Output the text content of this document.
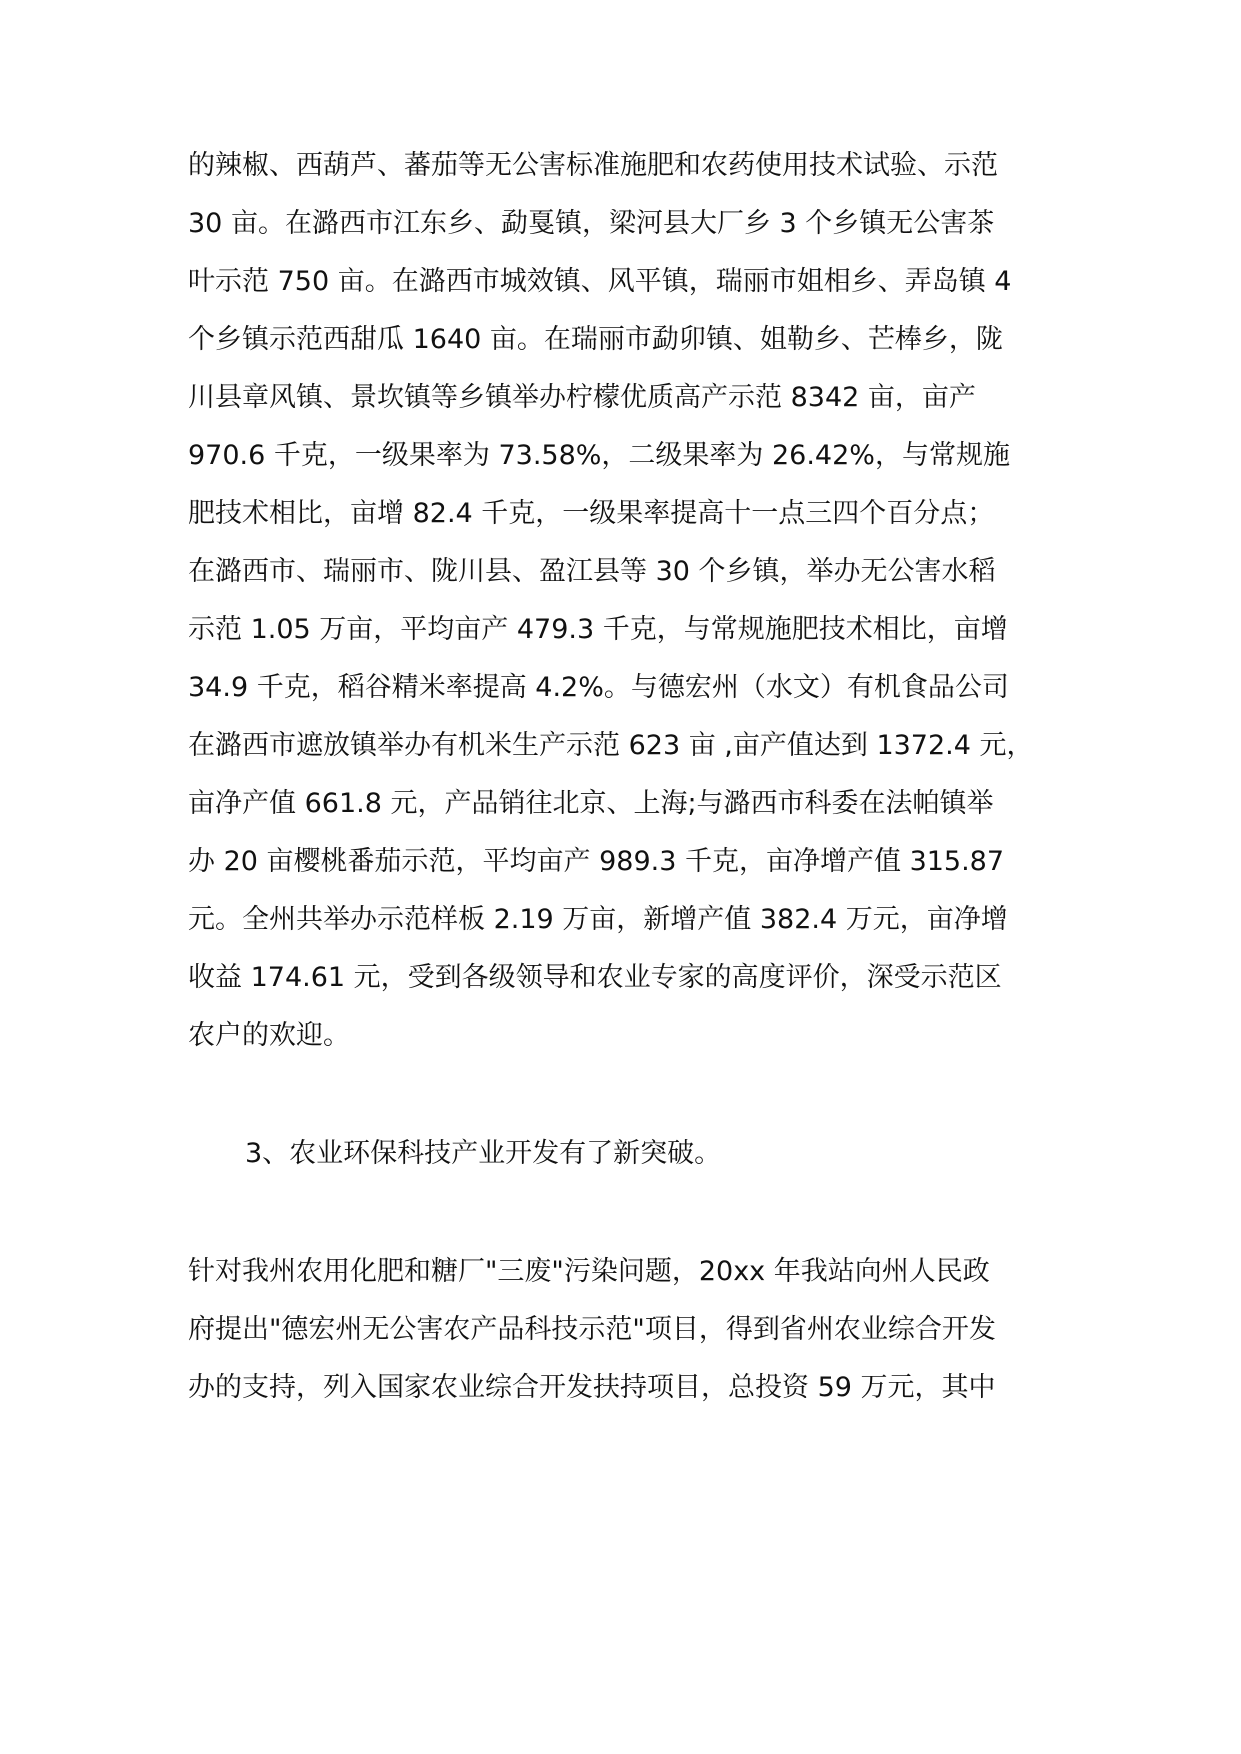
的辣椒、西葫芦、蕃茄等无公害标准施肥和农药使用技术试验、示范
30 亩。在潞西市江东乡、勐戛镇，梁河县大厂乡 3 个乡镇无公害茶
叶示范 750 亩。在潞西市城效镇、风平镇，瑞丽市姐相乡、弄岛镇 4
个乡镇示范西甜瓜 1640 亩。在瑞丽市勐卯镇、姐勒乡、芒棒乡，陇
川县章风镇、景坎镇等乡镇举办柠檬优质高产示范 8342 亩，亩产
970.6 千克，一级果率为 73.58%，二级果率为 26.42%，与常规施
肥技术相比，亩增 82.4 千克，一级果率提高十一点三四个百分点；
在潞西市、瑞丽市、陇川县、盈江县等 30 个乡镇，举办无公害水稻
示范 1.05 万亩，平均亩产 479.3 千克，与常规施肥技术相比，亩增
34.9 千克，稻谷精米率提高 4.2%。与德宏州（水文）有机食品公司
在潞西市遮放镇举办有机米生产示范 623 亩 ,亩产值达到 1372.4 元，
亩净产值 661.8 元，产品销往北京、上海;与潞西市科委在法帕镇举
办 20 亩樱桃番茄示范，平均亩产 989.3 千克，亩净增产值 315.87
元。全州共举办示范样板 2.19 万亩，新增产值 382.4 万元，亩净增
收益 174.61 元，受到各级领导和农业专家的高度评价，深受示范区
农户的欢迎。
3、农业环保科技产业开发有了新突破。
针对我州农用化肥和糖厂"三废"污染问题，20xx 年我站向州人民政
府提出"德宏州无公害农产品科技示范"项目，得到省州农业综合开发
办的支持，列入国家农业综合开发扶持项目，总投资 59 万元，其中
